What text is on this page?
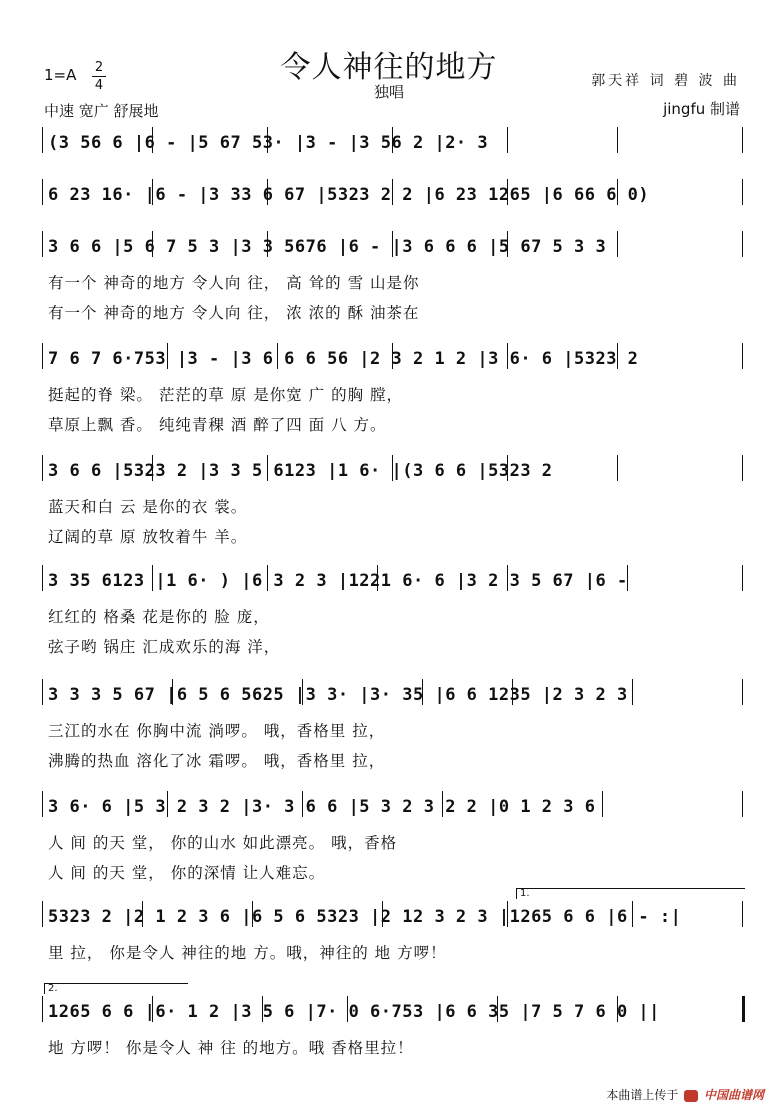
令人神往的地方
独唱
1=A 2
4
中速 宽广 舒展地
郭天祥 词 碧 波 曲
jingfu 制谱
(3 56 6 |6 - |5 67 53· |3 - |3 56 2 |2· 3
6 23 16· |6 - |3 33 6 67 |5323 2 2 |6 23 1265 |6 66 6 0)
3 6 6 |5 6 7 5 3 |3 3 5676 |6 - |3 6 6 6 |5 67 5 3 3
有一个 神奇的地方 令人向 往， 高 耸的 雪 山是你
有一个 神奇的地方 令人向 往， 浓 浓的 酥 油茶在
7 6 7 6·753 |3 - |3 6 6 6 56 |2 3 2 1 2 |3 6· 6 |5323 2
挺起的脊 梁。 茫茫的草 原 是你宽 广 的胸 膛，
草原上飘 香。 纯纯青稞 酒 醉了四 面 八 方。
3 6 6 |5323 2 |3 3 5 6123 |1 6· |(3 6 6 |5323 2
蓝天和白 云 是你的衣 裳。
辽阔的草 原 放牧着牛 羊。
3 35 6123 |1 6· ) |6 3 2 3 |1221 6· 6 |3 2 3 5 67 |6 -
红红的 格桑 花是你的 脸 庞，
弦子哟 锅庄 汇成欢乐的海 洋，
3 3 3 5 67 |6 5 6 5625 |3 3· |3· 35 |6 6 1235 |2 3 2 3
三江的水在 你胸中流 淌啰。 哦，香格里 拉，
沸腾的热血 溶化了冰 霜啰。 哦，香格里 拉，
3 6· 6 |5 3 2 3 2 |3· 3 6 6 |5 3 2 3 2 2 |0 1 2 3 6
人 间 的天 堂， 你的山水 如此漂亮。 哦，香格
人 间 的天 堂， 你的深情 让人难忘。
5323 2 |2 1 2 3 6 |6 5 6 5323 |2 12 3 2 3 |1265 6 6 |6 - :|
里 拉， 你是令人 神往的地 方。哦，神往的 地 方啰！
1265 6 6 |6· 1 2 |3 5 6 |7· 0 6·753 |6 6 35 |7 5 7 6 0 ||
地 方啰！ 你是令人 神 往 的地方。哦 香格里拉！
1.
2.
本曲谱上传于 中国曲谱网
